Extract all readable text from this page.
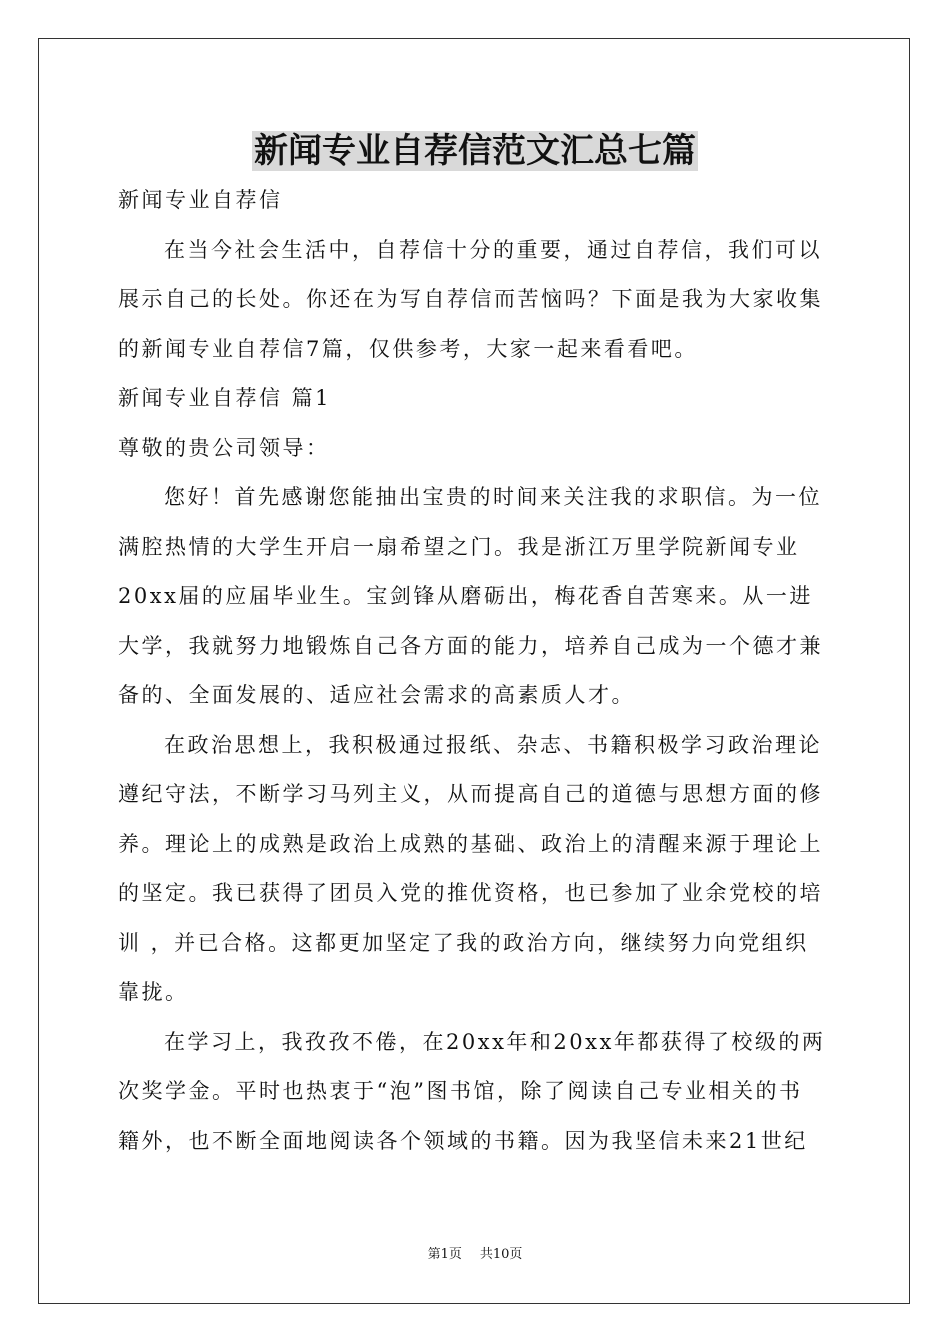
新闻专业自荐信范文汇总七篇

新闻专业自荐信

在当今社会生活中，自荐信十分的重要，通过自荐信，我们可以

展示自己的长处。你还在为写自荐信而苦恼吗？下面是我为大家收集

的新闻专业自荐信7篇，仅供参考，大家一起来看看吧。

新闻专业自荐信 篇1

尊敬的贵公司领导：

您好！首先感谢您能抽出宝贵的时间来关注我的求职信。为一位

满腔热情的大学生开启一扇希望之门。我是浙江万里学院新闻专业

20xx届的应届毕业生。宝剑锋从磨砺出，梅花香自苦寒来。从一进

大学，我就努力地锻炼自己各方面的能力，培养自己成为一个德才兼

备的、全面发展的、适应社会需求的高素质人才。

在政治思想上，我积极通过报纸、杂志、书籍积极学习政治理论

遵纪守法，不断学习马列主义，从而提高自己的道德与思想方面的修

养。理论上的成熟是政治上成熟的基础、政治上的清醒来源于理论上

的坚定。我已获得了团员入党的推优资格，也已参加了业余党校的培

训 ，并已合格。这都更加坚定了我的政治方向，继续努力向党组织

靠拢。

在学习上，我孜孜不倦，在20xx年和20xx年都获得了校级的两

次奖学金。平时也热衷于“泡”图书馆，除了阅读自己专业相关的书

籍外，也不断全面地阅读各个领域的书籍。因为我坚信未来21世纪

第1页 共10页
